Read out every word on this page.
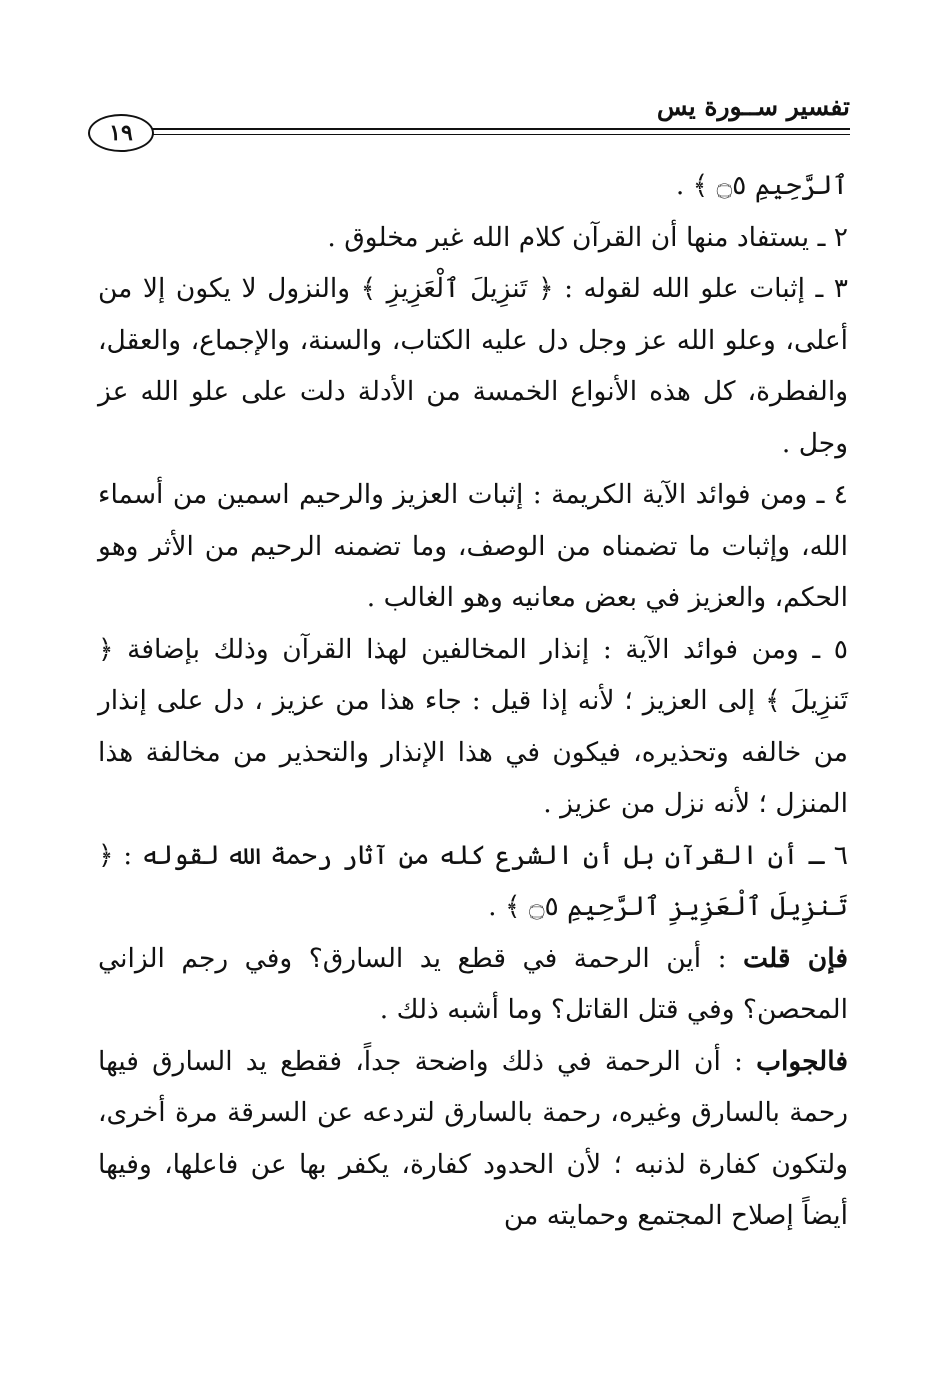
١٩
تفسير ســورة يس

ٱلرَّحِيمِ ۝٥ ﴾ .

٢ ـ يستفاد منها أن القرآن كلام الله غير مخلوق .

٣ ـ إثبات علو الله لقوله : ﴿ تَنزِيلَ ٱلْعَزِيزِ ﴾ والنزول لا يكون إلا من أعلى، وعلو الله عز وجل دل عليه الكتاب، والسنة، والإجماع، والعقل، والفطرة، كل هذه الأنواع الخمسة من الأدلة دلت على علو الله عز وجل .

٤ ـ ومن فوائد الآية الكريمة : إثبات العزيز والرحيم اسمين من أسماء الله، وإثبات ما تضمناه من الوصف، وما تضمنه الرحيم من الأثر وهو الحكم، والعزيز في بعض معانيه وهو الغالب .

٥ ـ ومن فوائد الآية : إنذار المخالفين لهذا القرآن وذلك بإضافة ﴿ تَنزِيلَ ﴾ إلى العزيز ؛ لأنه إذا قيل : جاء هذا من عزيز ، دل على إنذار من خالفه وتحذيره، فيكون في هذا الإنذار والتحذير من مخالفة هذا المنزل ؛ لأنه نزل من عزيز .

٦ ـ أن القرآن بل أن الشرع كله من آثار رحمة الله لقوله : ﴿ تَنزِيلَ ٱلْعَزِيزِ ٱلرَّحِيمِ ۝٥ ﴾ .

فإن قلت : أين الرحمة في قطع يد السارق؟ وفي رجم الزاني المحصن؟ وفي قتل القاتل؟ وما أشبه ذلك .

فالجواب : أن الرحمة في ذلك واضحة جداً، فقطع يد السارق فيها رحمة بالسارق وغيره، رحمة بالسارق لتردعه عن السرقة مرة أخرى، ولتكون كفارة لذنبه ؛ لأن الحدود كفارة، يكفر بها عن فاعلها، وفيها أيضاً إصلاح المجتمع وحمايته من
